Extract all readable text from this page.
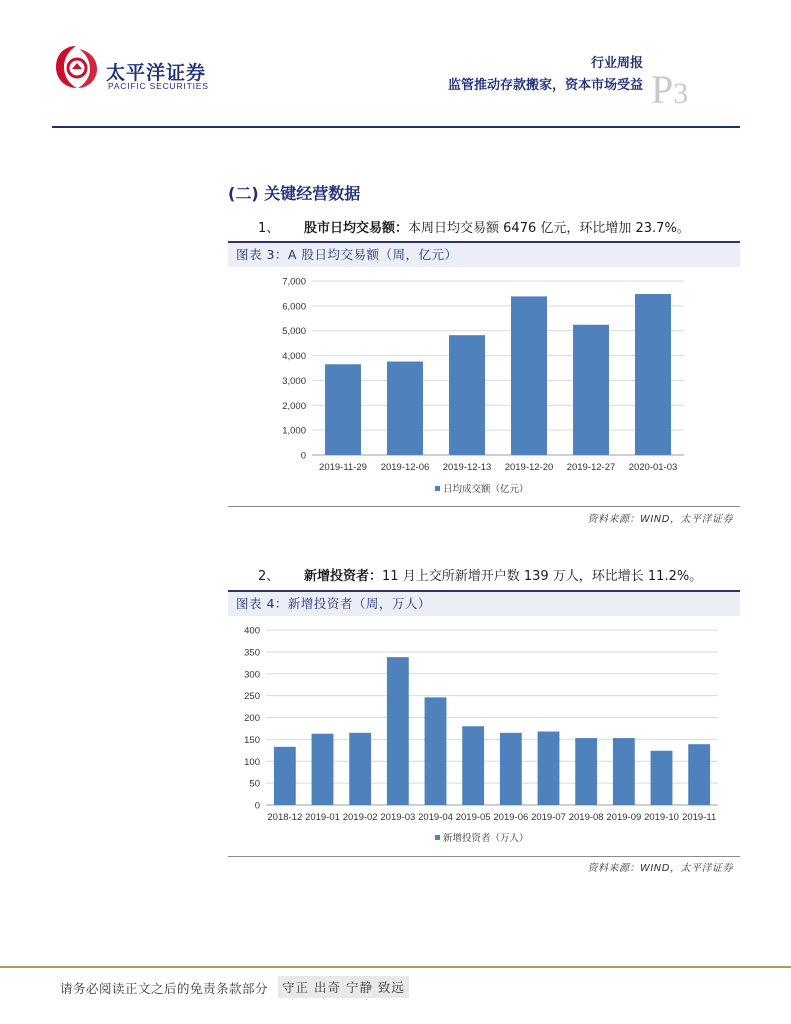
太平洋证券
PACIFIC SECURITIES
行业周报
监管推动存款搬家，资本市场受益 P3
(二) 关键经营数据
1、 股市日均交易额：本周日均交易额 6476 亿元，环比增加 23.7%。
图表 3：A 股日均交易额（周，亿元）
0
1,000
2,000
3,000
4,000
5,000
6,000
7,000
2019-11-29 2019-12-06 2019-12-13 2019-12-20 2019-12-27 2020-01-03
日均成交额（亿元）
资料来源：WIND，太平洋证券
2、 新增投资者：11 月上交所新增开户数 139 万人，环比增长 11.2%。
图表 4：新增投资者（周，万人）
0
50
100
150
200
250
300
350
400
2018-12 2019-01 2019-02 2019-03 2019-04 2019-05 2019-06 2019-07 2019-08 2019-09 2019-10 2019-11
新增投资者（万人）
资料来源：WIND，太平洋证券
请务必阅读正文之后的免责条款部分	守正 出奇 宁静 致远
